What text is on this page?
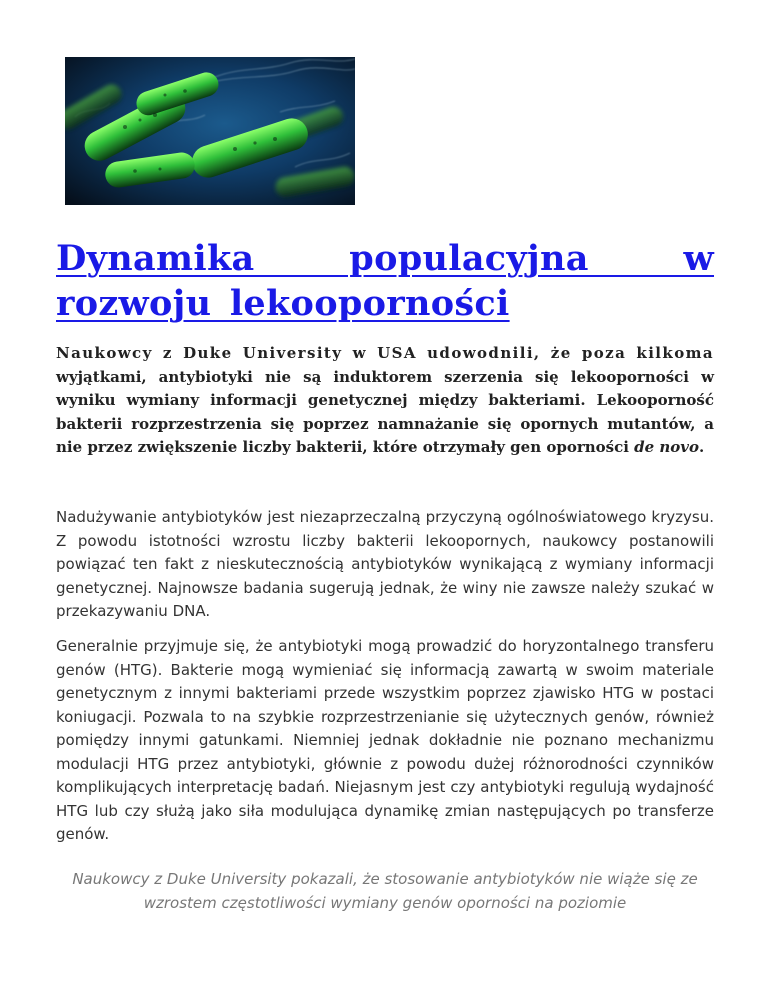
Dynamika populacyjna w rozwoju lekooporności

Naukowcy z Duke University w USA udowodnili, że poza kilkoma wyjątkami, antybiotyki nie są induktorem szerzenia się lekooporności w wyniku wymiany informacji genetycznej między bakteriami. Lekooporność bakterii rozprzestrzenia się poprzez namnażanie się opornych mutantów, a nie przez zwiększenie liczby bakterii, które otrzymały gen oporności de novo.

Nadużywanie antybiotyków jest niezaprzeczalną przyczyną ogólnoświatowego kryzysu. Z powodu istotności wzrostu liczby bakterii lekoopornych, naukowcy postanowili powiązać ten fakt z nieskutecznością antybiotyków wynikającą z wymiany informacji genetycznej. Najnowsze badania sugerują jednak, że winy nie zawsze należy szukać w przekazywaniu DNA.

Generalnie przyjmuje się, że antybiotyki mogą prowadzić do horyzontalnego transferu genów (HTG). Bakterie mogą wymieniać się informacją zawartą w swoim materiale genetycznym z innymi bakteriami przede wszystkim poprzez zjawisko HTG w postaci koniugacji. Pozwala to na szybkie rozprzestrzenianie się użytecznych genów, również pomiędzy innymi gatunkami. Niemniej jednak dokładnie nie poznano mechanizmu modulacji HTG przez antybiotyki, głównie z powodu dużej różnorodności czynników komplikujących interpretację badań. Niejasnym jest czy antybiotyki regulują wydajność HTG lub czy służą jako siła modulująca dynamikę zmian następujących po transferze genów.

Naukowcy z Duke University pokazali, że stosowanie antybiotyków nie wiąże się ze wzrostem częstotliwości wymiany genów oporności na poziomie
